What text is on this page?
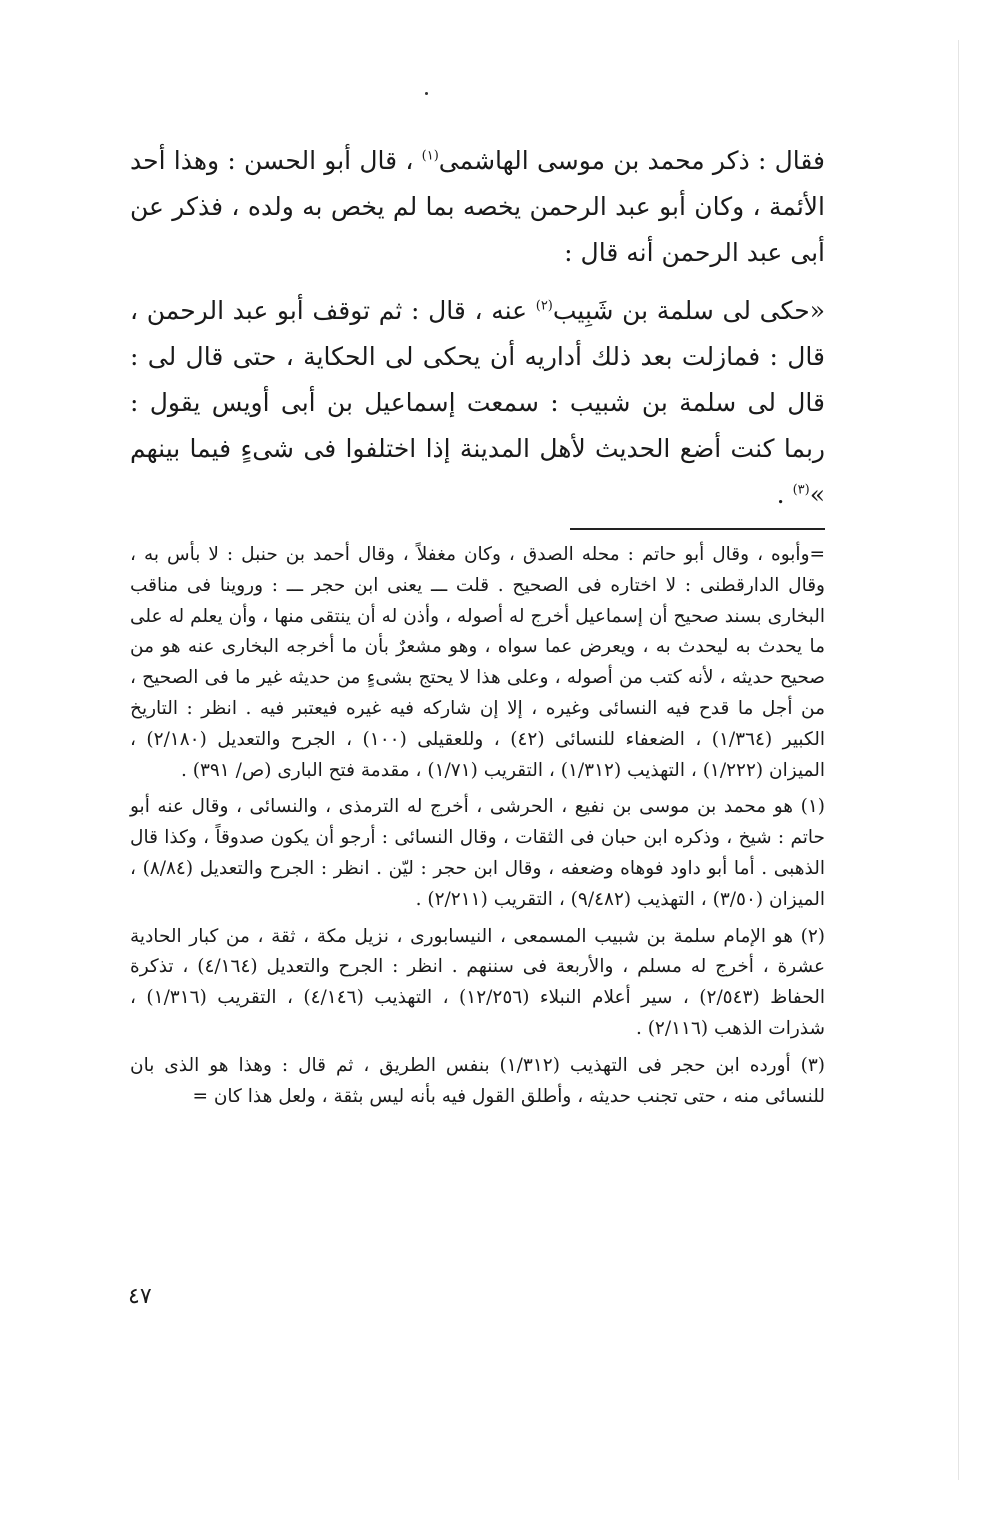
فقال : ذكر محمد بن موسى الهاشمى$^{(١)}$ ، قال أبو الحسن : وهذا أحد الأئمة ، وكان أبو عبد الرحمن يخصه بما لم يخص به ولده ، فذكر عن أبى عبد الرحمن أنه قال :

«حكى لى سلمة بن شَبِيب$^{(٢)}$ عنه ، قال : ثم توقف أبو عبد الرحمن ، قال : فمازلت بعد ذلك أداريه أن يحكى لى الحكاية ، حتى قال لى : قال لى سلمة بن شبيب : سمعت إسماعيل بن أبى أويس يقول : ربما كنت أضع الحديث لأهل المدينة إذا اختلفوا فى شىءٍ فيما بينهم »$^{(٣)}$ .

=وأبوه ، وقال أبو حاتم : محله الصدق ، وكان مغفلاً ، وقال أحمد بن حنبل : لا بأس به ، وقال الدارقطنى : لا اختاره فى الصحيح . قلت ـــ يعنى ابن حجر ـــ : وروينا فى مناقب البخارى بسند صحيح أن إسماعيل أخرج له أصوله ، وأذن له أن ينتقى منها ، وأن يعلم له على ما يحدث به ليحدث به ، ويعرض عما سواه ، وهو مشعرٌ بأن ما أخرجه البخارى عنه هو من صحيح حديثه ، لأنه كتب من أصوله ، وعلى هذا لا يحتج بشىءٍ من حديثه غير ما فى الصحيح ، من أجل ما قدح فيه النسائى وغيره ، إلا إن شاركه فيه غيره فيعتبر فيه . انظر : التاريخ الكبير (١/٣٦٤) ، الضعفاء للنسائى (٤٢) ، وللعقيلى (١٠٠) ، الجرح والتعديل (٢/١٨٠) ، الميزان (١/٢٢٢) ، التهذيب (١/٣١٢) ، التقريب (١/٧١) ، مقدمة فتح البارى (ص/ ٣٩١) .

(١) هو محمد بن موسى بن نفيع ، الحرشى ، أخرج له الترمذى ، والنسائى ، وقال عنه أبو حاتم : شيخ ، وذكره ابن حبان فى الثقات ، وقال النسائى : أرجو أن يكون صدوقاً ، وكذا قال الذهبى . أما أبو داود فوهاه وضعفه ، وقال ابن حجر : ليّن . انظر : الجرح والتعديل (٨/٨٤) ، الميزان (٣/٥٠) ، التهذيب (٩/٤٨٢) ، التقريب (٢/٢١١) .

(٢) هو الإمام سلمة بن شبيب المسمعى ، النيسابورى ، نزيل مكة ، ثقة ، من كبار الحادية عشرة ، أخرج له مسلم ، والأربعة فى سننهم . انظر : الجرح والتعديل (٤/١٦٤) ، تذكرة الحفاظ (٢/٥٤٣) ، سير أعلام النبلاء (١٢/٢٥٦) ، التهذيب (٤/١٤٦) ، التقريب (١/٣١٦) ، شذرات الذهب (٢/١١٦) .

(٣) أورده ابن حجر فى التهذيب (١/٣١٢) بنفس الطريق ، ثم قال : وهذا هو الذى بان للنسائى منه ، حتى تجنب حديثه ، وأطلق القول فيه بأنه ليس بثقة ، ولعل هذا كان =

٤٧
